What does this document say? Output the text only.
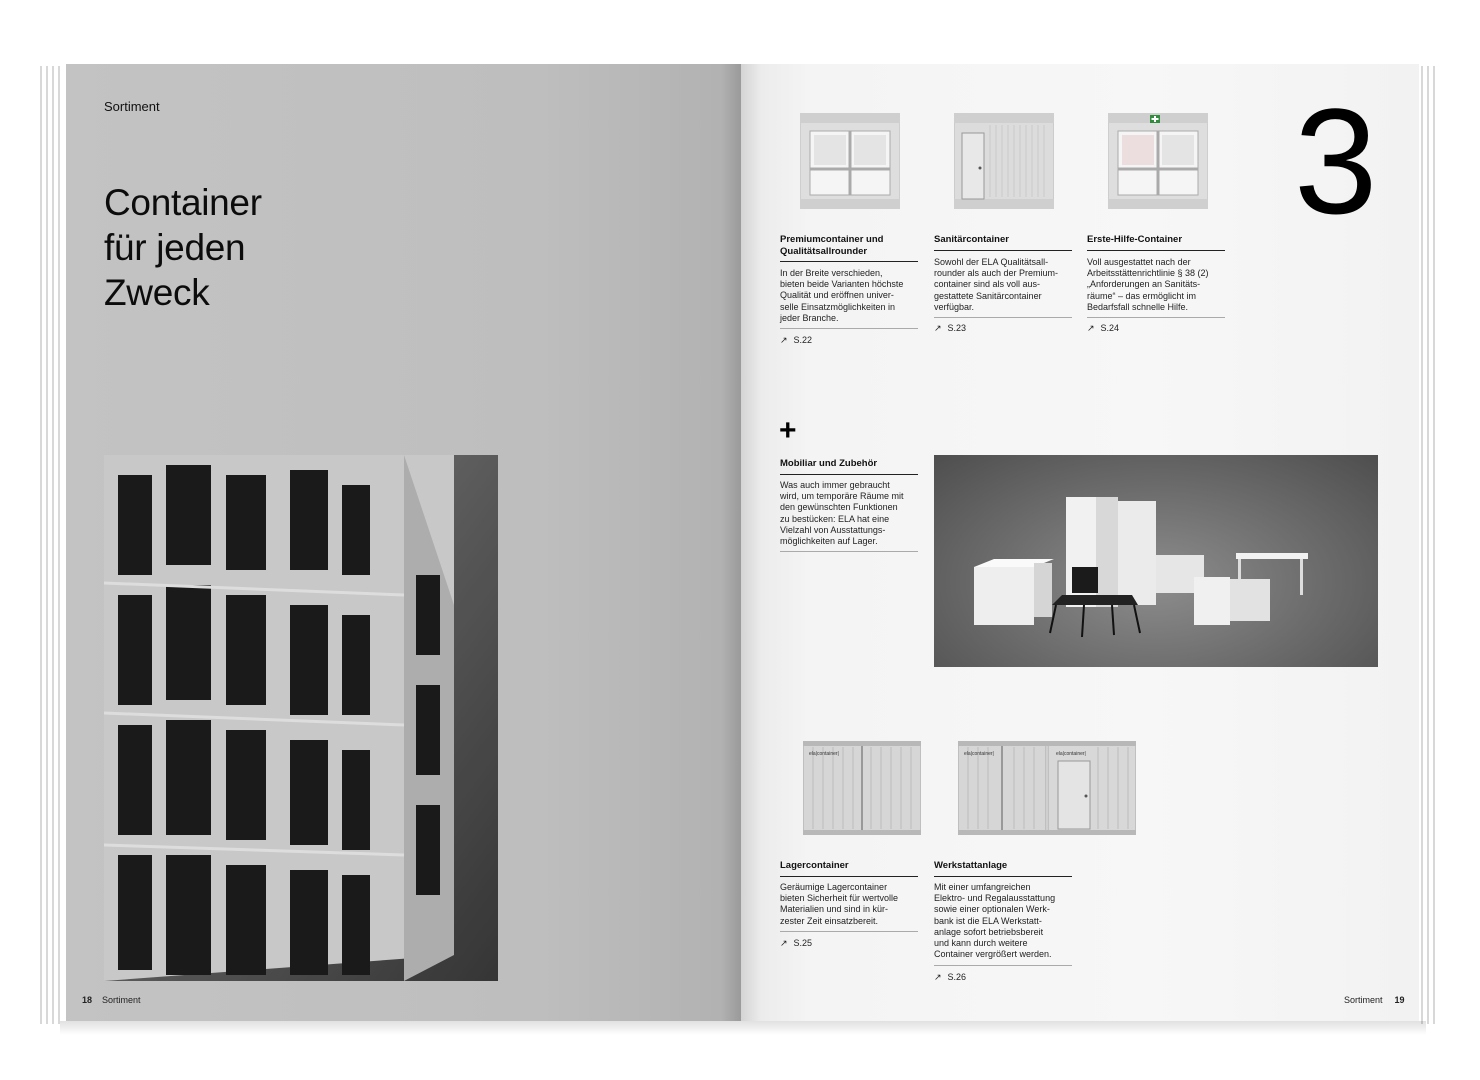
Sortiment
Container
für jeden
Zweck
18 Sortiment
3
Premiumcontainer und Qualitätsallrounder
In der Breite verschieden,
bieten beide Varianten höchste
Qualität und eröffnen univer-
selle Einsatzmöglichkeiten in
jeder Branche.
↗ S.22
Sanitärcontainer
Sowohl der ELA Qualitätsall-
rounder als auch der Premium-
container sind als voll aus-
gestattete Sanitärcontainer
verfügbar.
↗ S.23
Erste-Hilfe-Container
Voll ausgestattet nach der
Arbeitsstättenrichtlinie § 38 (2)
„Anforderungen an Sanitäts-
räume“ – das ermöglicht im
Bedarfsfall schnelle Hilfe.
↗ S.24
+
Mobiliar und Zubehör
Was auch immer gebraucht
wird, um temporäre Räume mit
den gewünschten Funktionen
zu bestücken: ELA hat eine
Vielzahl von Ausstattungs-
möglichkeiten auf Lager.
ela|container|	ela|container|	ela|container|
Lagercontainer
Geräumige Lagercontainer
bieten Sicherheit für wertvolle
Materialien und sind in kür-
zester Zeit einsatzbereit.
↗ S.25
Werkstattanlage
Mit einer umfangreichen
Elektro- und Regalausstattung
sowie einer optionalen Werk-
bank ist die ELA Werkstatt-
anlage sofort betriebsbereit
und kann durch weitere
Container vergrößert werden.
↗ S.26
Sortiment 19
